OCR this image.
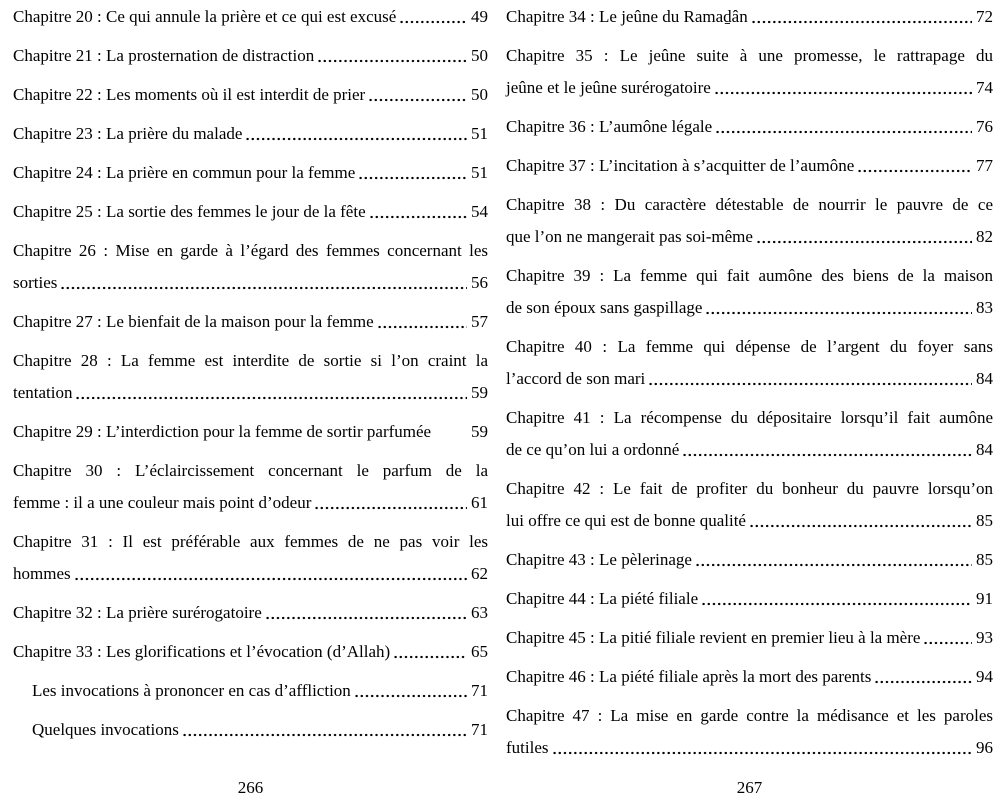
Chapitre 20 : Ce qui annule la prière et ce qui est excusé	49
Chapitre 21 : La prosternation de distraction	50
Chapitre 22 : Les moments où il est interdit de prier	50
Chapitre 23 : La prière du malade	51
Chapitre 24 : La prière en commun pour la femme	51
Chapitre 25 : La sortie des femmes le jour de la fête	54
Chapitre 26 : Mise en garde à l’égard des femmes concernant les
sorties	56
Chapitre 27 : Le bienfait de la maison pour la femme	57
Chapitre 28 : La femme est interdite de sortie si l’on craint la
tentation	59
Chapitre 29 : L’interdiction pour la femme de sortir parfumée 59
Chapitre 30 : L’éclaircissement concernant le parfum de la
femme : il a une couleur mais point d’odeur	61
Chapitre 31 : Il est préférable aux femmes de ne pas voir les
hommes	62
Chapitre 32 : La prière surérogatoire	63
Chapitre 33 : Les glorifications et l’évocation (d’Allah)	65
Les invocations à prononcer en cas d’affliction	71
Quelques invocations	71
266
Chapitre 34 : Le jeûne du Ramaḏân	72
Chapitre 35 : Le jeûne suite à une promesse, le rattrapage du
jeûne et le jeûne surérogatoire	74
Chapitre 36 : L’aumône légale	76
Chapitre 37 : L’incitation à s’acquitter de l’aumône	77
Chapitre 38 : Du caractère détestable de nourrir le pauvre de ce
que l’on ne mangerait pas soi-même	82
Chapitre 39 : La femme qui fait aumône des biens de la maison
de son époux sans gaspillage	83
Chapitre 40 : La femme qui dépense de l’argent du foyer sans
l’accord de son mari	84
Chapitre 41 : La récompense du dépositaire lorsqu’il fait aumône
de ce qu’on lui a ordonné	84
Chapitre 42 : Le fait de profiter du bonheur du pauvre lorsqu’on
lui offre ce qui est de bonne qualité	85
Chapitre 43 : Le pèlerinage	85
Chapitre 44 : La piété filiale	91
Chapitre 45 : La pitié filiale revient en premier lieu à la mère	93
Chapitre 46 : La piété filiale après la mort des parents	94
Chapitre 47 : La mise en garde contre la médisance et les paroles
futiles	96
267
